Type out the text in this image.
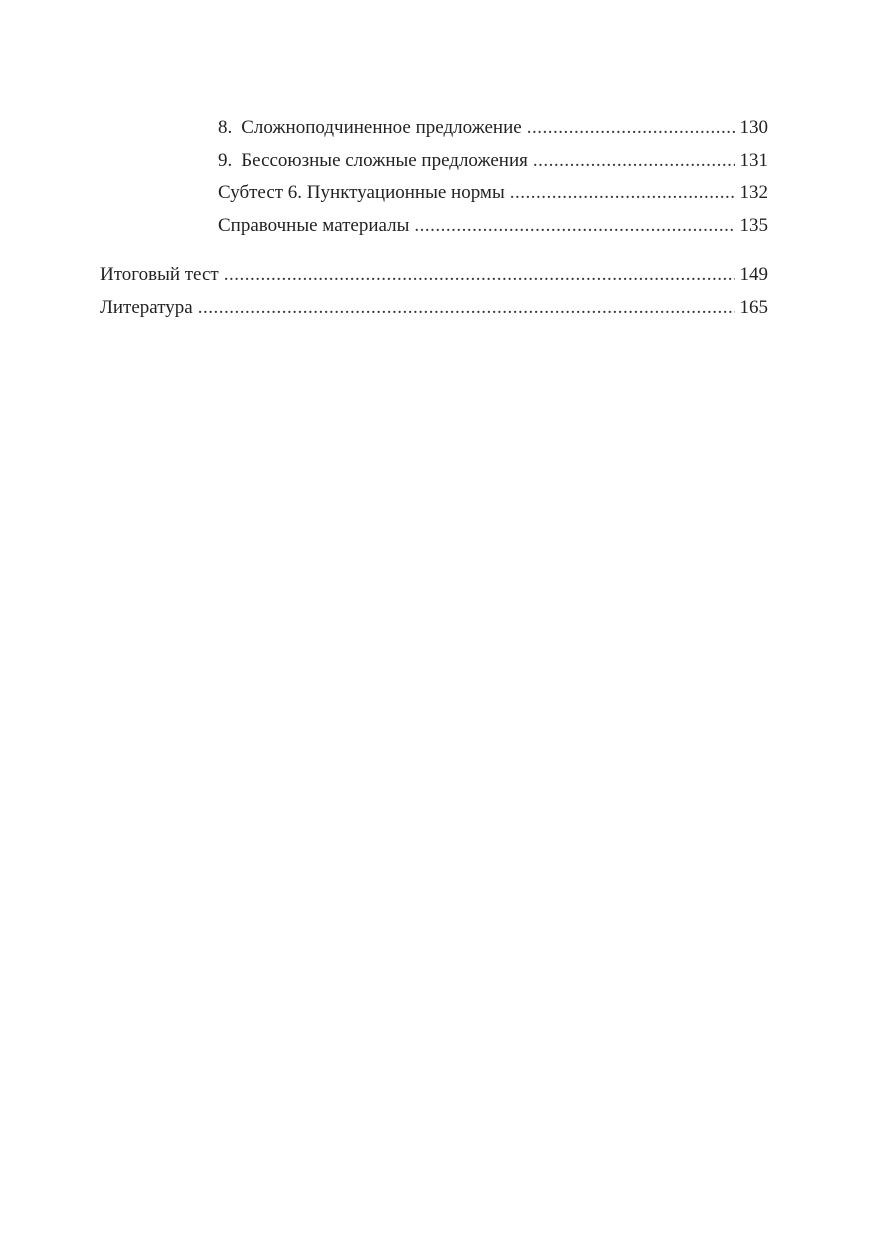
8. Сложноподчиненное предложение .....	130
9. Бессоюзные сложные предложения .....	131
Субтест 6. Пунктуационные нормы .....	132
Справочные материалы .....	135
Итоговый тест .....	149
Литература .....	165
